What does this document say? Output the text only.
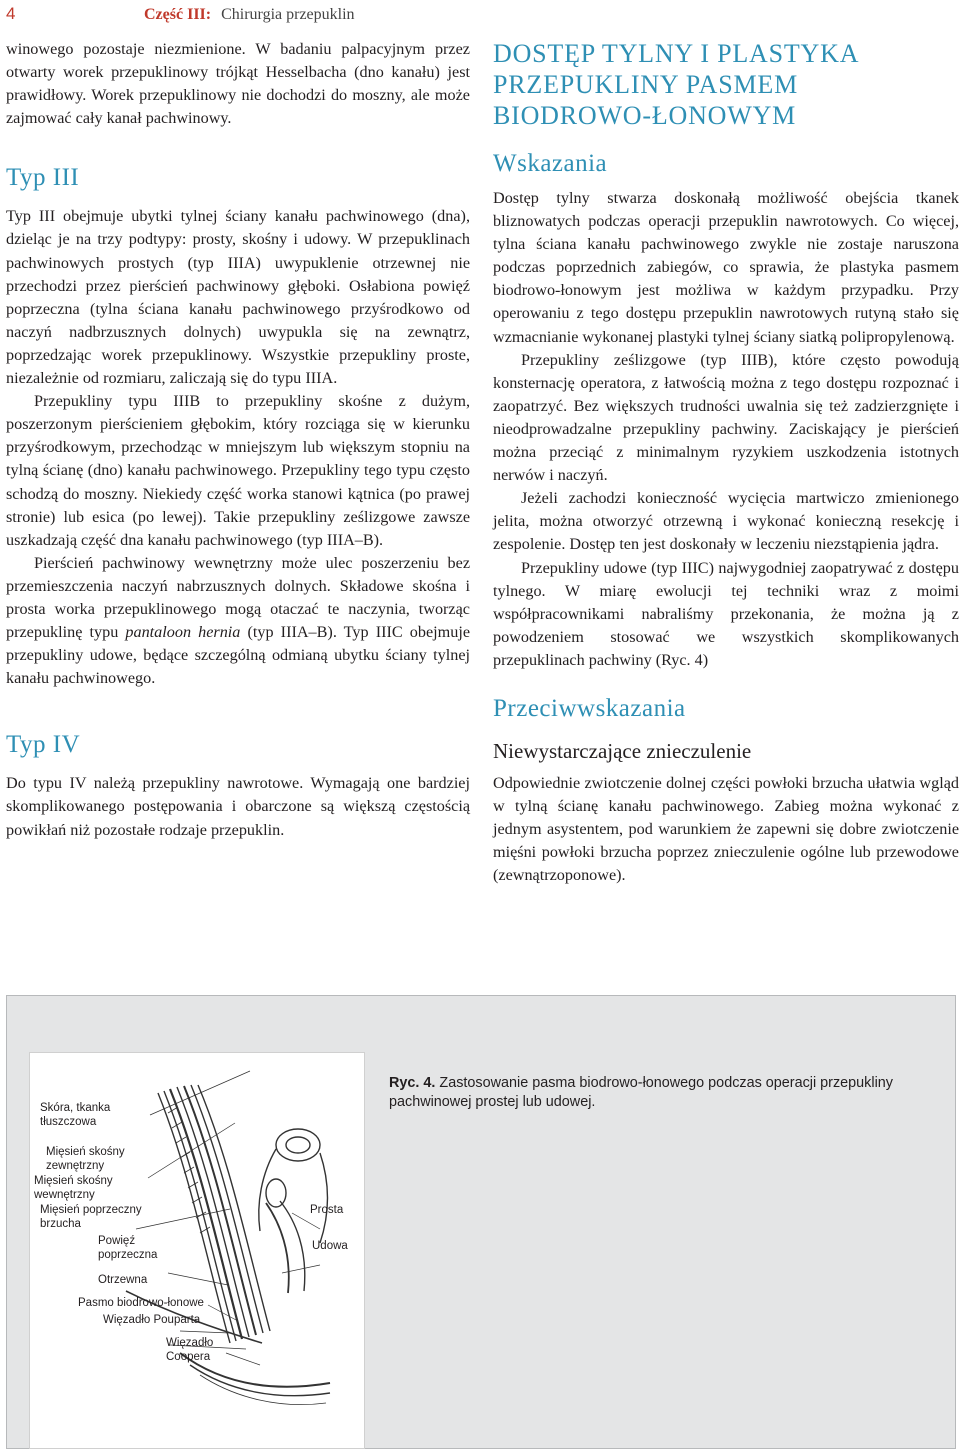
4	Część III: Chirurgia przepuklin

winowego pozostaje niezmienione. W badaniu palpacyjnym przez otwarty worek przepuklinowy trójkąt Hesselbacha (dno kanału) jest prawidłowy. Worek przepuklinowy nie dochodzi do moszny, ale może zajmować cały kanał pachwinowy.

Typ III

Typ III obejmuje ubytki tylnej ściany kanału pachwinowego (dna), dzieląc je na trzy podtypy: prosty, skośny i udowy. W przepuklinach pachwinowych prostych (typ IIIA) uwypuklenie otrzewnej nie przechodzi przez pierścień pachwinowy głęboki. Osłabiona powięź poprzeczna (tylna ściana kanału pachwinowego przyśrodkowo od naczyń nadbrzusznych dolnych) uwypukla się na zewnątrz, poprzedzając worek przepuklinowy. Wszystkie przepukliny proste, niezależnie od rozmiaru, zaliczają się do typu IIIA.

Przepukliny typu IIIB to przepukliny skośne z dużym, poszerzonym pierścieniem głębokim, który rozciąga się w kierunku przyśrodkowym, przechodząc w mniejszym lub większym stopniu na tylną ścianę (dno) kanału pachwinowego. Przepukliny tego typu często schodzą do moszny. Niekiedy część worka stanowi kątnica (po prawej stronie) lub esica (po lewej). Takie przepukliny ześlizgowe zawsze uszkadzają część dna kanału pachwinowego (typ IIIA–B).

Pierścień pachwinowy wewnętrzny może ulec poszerzeniu bez przemieszczenia naczyń nabrzusznych dolnych. Składowe skośna i prosta worka przepuklinowego mogą otaczać te naczynia, tworząc przepuklinę typu pantaloon hernia (typ IIIA–B). Typ IIIC obejmuje przepukliny udowe, będące szczególną odmianą ubytku ściany tylnej kanału pachwinowego.

Typ IV

Do typu IV należą przepukliny nawrotowe. Wymagają one bardziej skomplikowanego postępowania i obarczone są większą częstością powikłań niż pozostałe rodzaje przepuklin.

DOSTĘP TYLNY I PLASTYKA PRZEPUKLINY PASMEM BIODROWO-ŁONOWYM
Wskazania

Dostęp tylny stwarza doskonałą możliwość obejścia tkanek bliznowatych podczas operacji przepuklin nawrotowych. Co więcej, tylna ściana kanału pachwinowego zwykle nie zostaje naruszona podczas poprzednich zabiegów, co sprawia, że plastyka pasmem biodrowo-łonowym jest możliwa w każdym przypadku. Przy operowaniu z tego dostępu przepuklin nawrotowych rutyną stało się wzmacnianie wykonanej plastyki tylnej ściany siatką polipropylenową.

Przepukliny ześlizgowe (typ IIIB), które często powodują konsternację operatora, z łatwością można z tego dostępu rozpoznać i zaopatrzyć. Bez większych trudności uwalnia się też zadzierzgnięte i nieodprowadzalne przepukliny pachwiny. Zaciskający je pierścień można przeciąć z minimalnym ryzykiem uszkodzenia istotnych nerwów i naczyń.

Jeżeli zachodzi konieczność wycięcia martwiczo zmienionego jelita, można otworzyć otrzewną i wykonać konieczną resekcję i zespolenie. Dostęp ten jest doskonały w leczeniu niezstąpienia jądra.

Przepukliny udowe (typ IIIC) najwygodniej zaopatrywać z dostępu tylnego. W miarę ewolucji tej techniki wraz z moimi współpracownikami nabraliśmy przekonania, że można ją z powodzeniem stosować we wszystkich skomplikowanych przepuklinach pachwiny (Ryc. 4)

Przeciwwskazania
Niewystarczające znieczulenie

Odpowiednie zwiotczenie dolnej części powłoki brzucha ułatwia wgląd w tylną ścianę kanału pachwinowego. Zabieg można wykonać z jednym asystentem, pod warunkiem że zapewni się dobre zwiotczenie mięśni powłoki brzucha poprzez znieczulenie ogólne lub przewodowe (zewnątrzoponowe).

Skóra, tkanka
tłuszczowa
Mięsień skośny
zewnętrzny
Mięsień skośny
wewnętrzny
Mięsień poprzeczny
brzucha
Powięź
poprzeczna
Otrzewna
Pasmo biodrowo-łonowe
Więzadło Pouparta
Więzadło
Coopera
Prosta
Udowa
Ryc. 4. Zastosowanie pasma biodrowo-łonowego podczas operacji przepukliny pachwinowej prostej lub udowej.
